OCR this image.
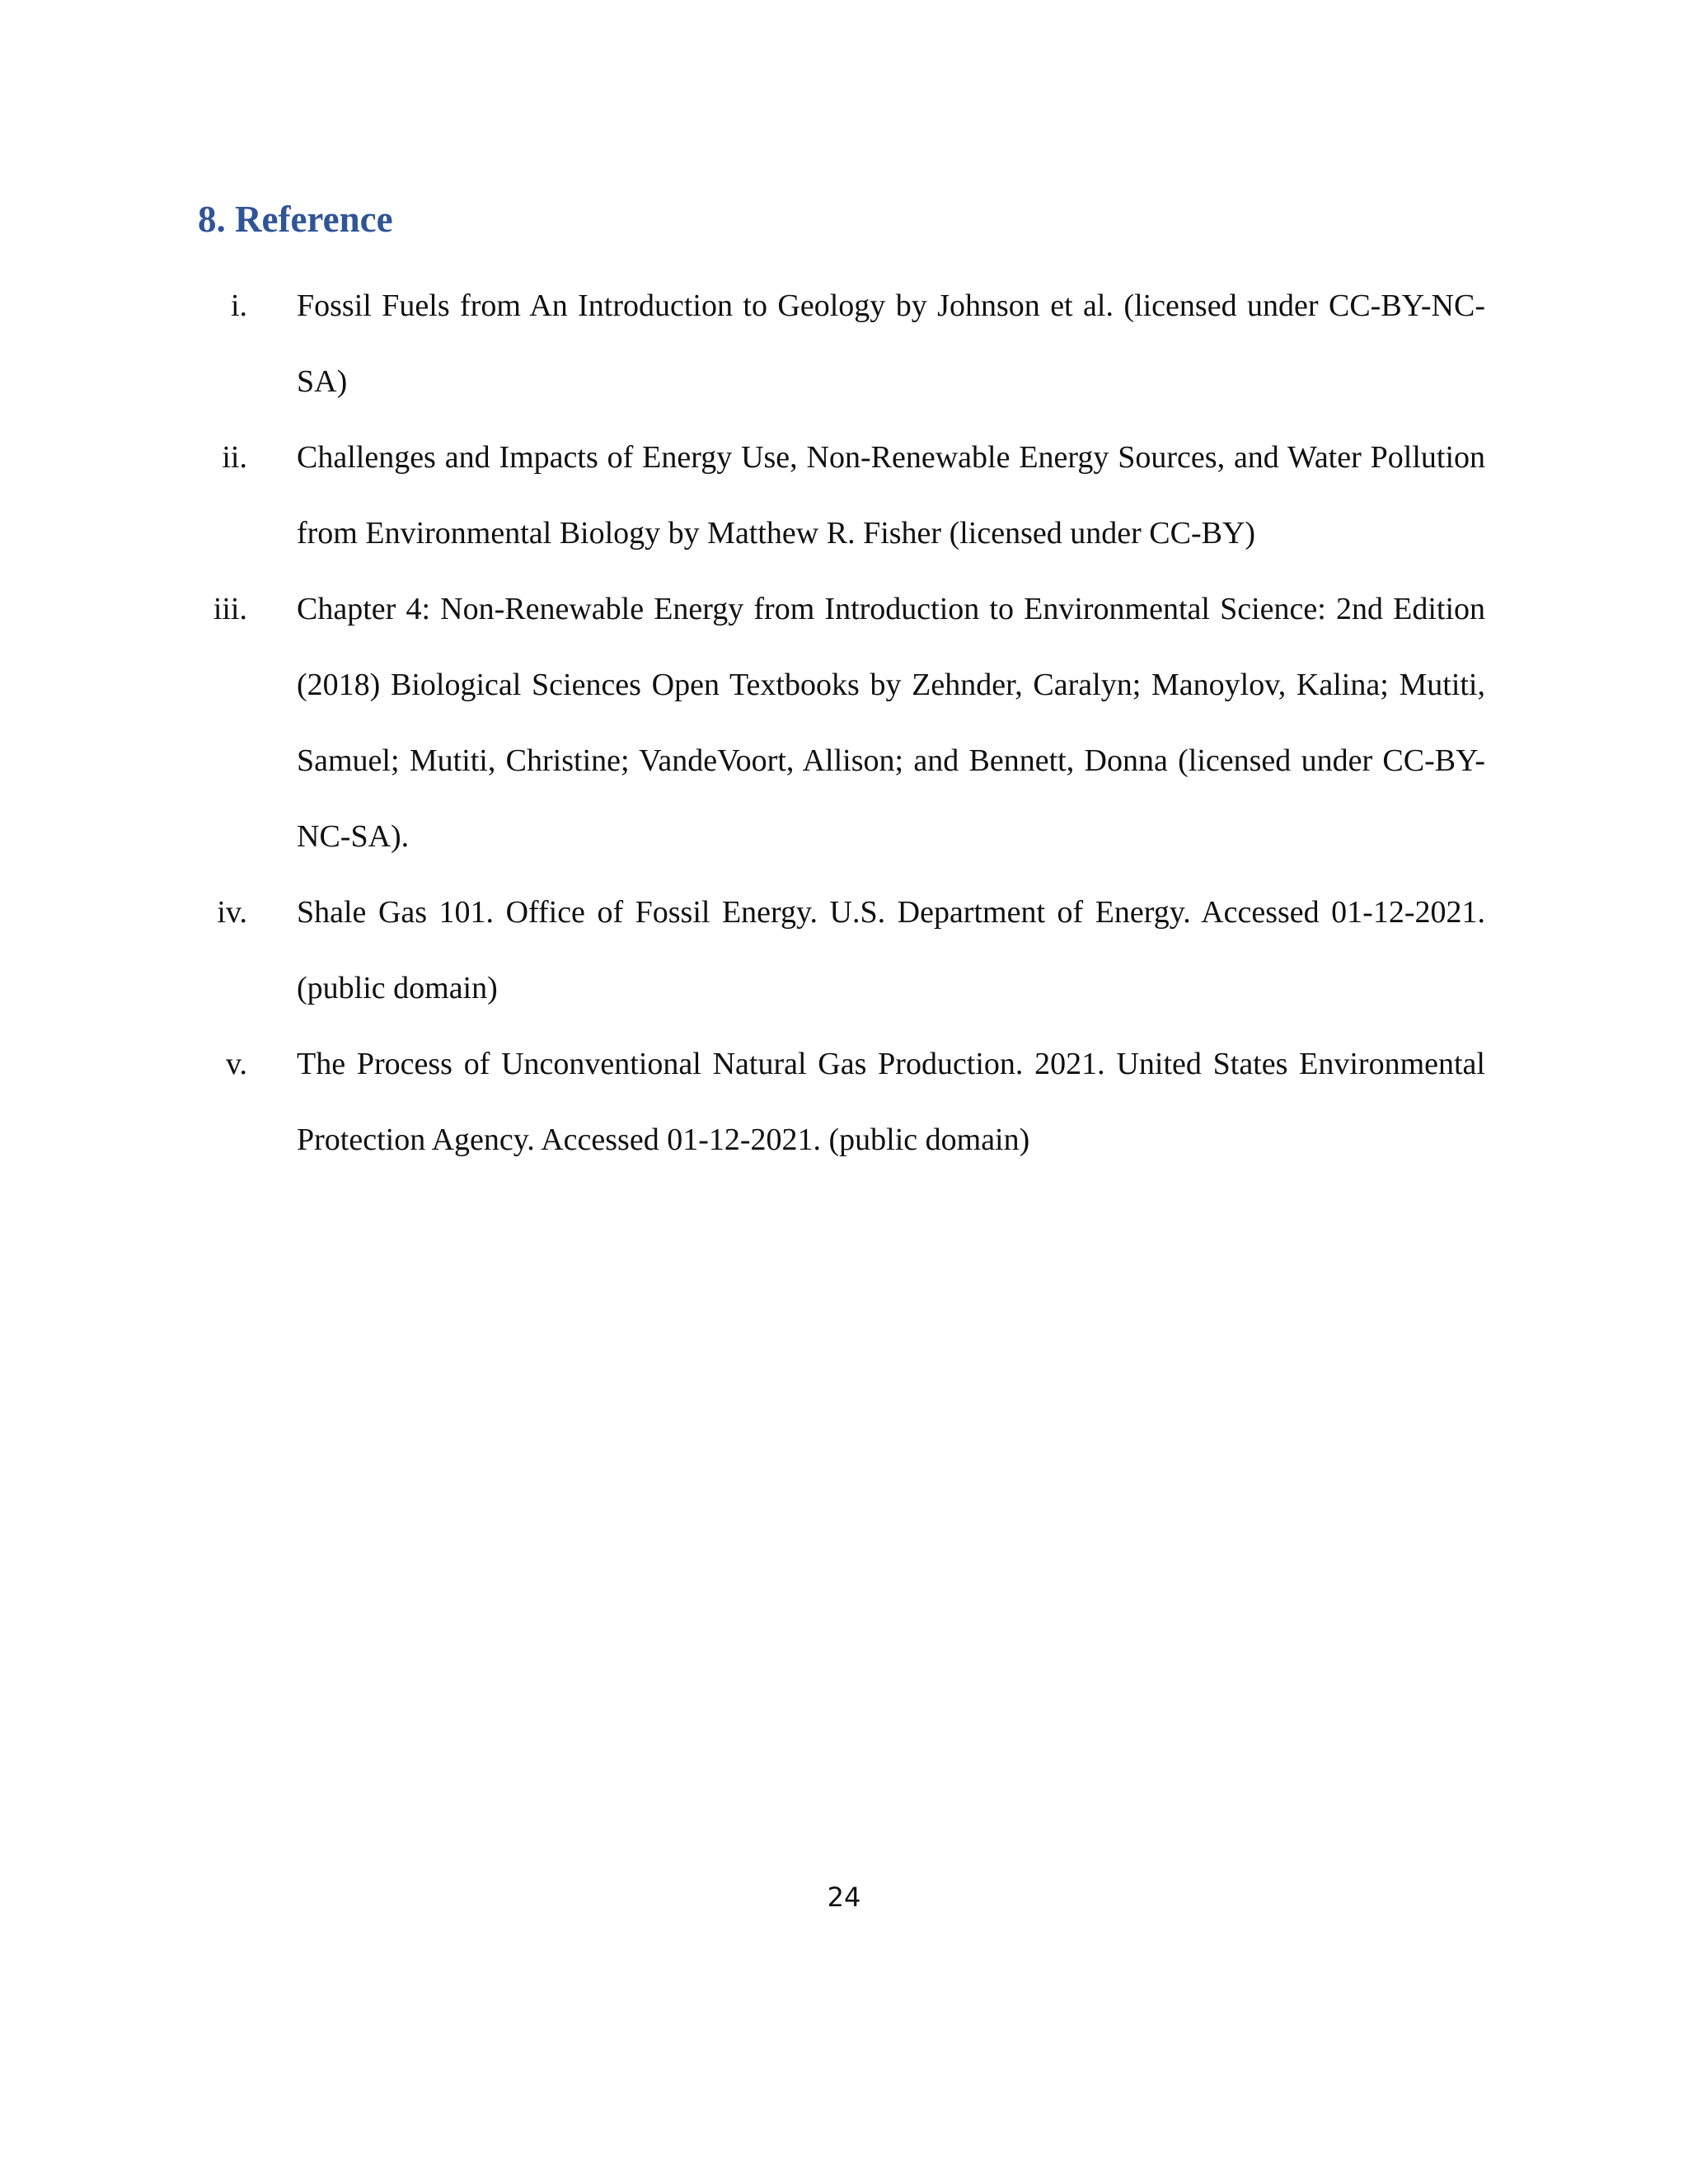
8. Reference
i. Fossil Fuels from An Introduction to Geology by Johnson et al. (licensed under CC-BY-NC-SA)
ii. Challenges and Impacts of Energy Use, Non-Renewable Energy Sources, and Water Pollution from Environmental Biology by Matthew R. Fisher (licensed under CC-BY)
iii. Chapter 4: Non-Renewable Energy from Introduction to Environmental Science: 2nd Edition (2018) Biological Sciences Open Textbooks by Zehnder, Caralyn; Manoylov, Kalina; Mutiti, Samuel; Mutiti, Christine; VandeVoort, Allison; and Bennett, Donna (licensed under CC-BY-NC-SA).
iv. Shale Gas 101. Office of Fossil Energy. U.S. Department of Energy. Accessed 01-12-2021. (public domain)
v. The Process of Unconventional Natural Gas Production. 2021. United States Environmental Protection Agency. Accessed 01-12-2021. (public domain)
24
